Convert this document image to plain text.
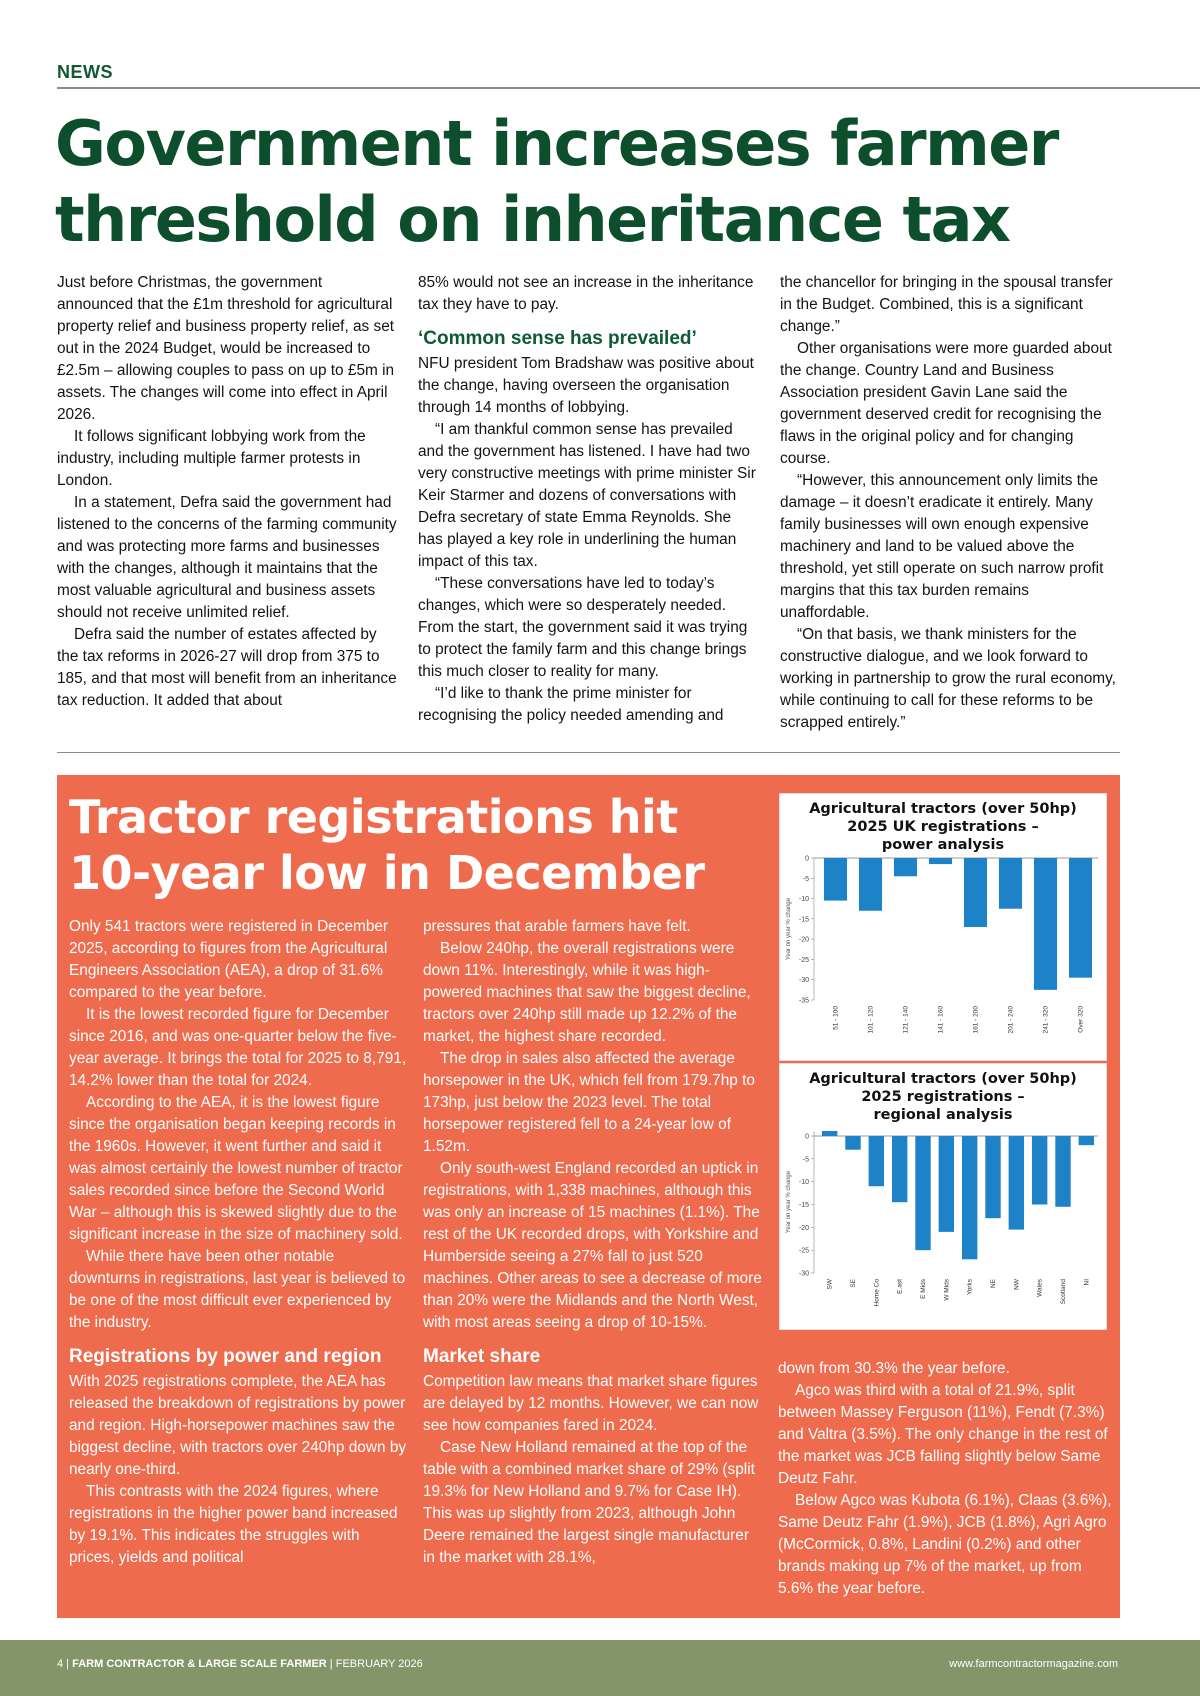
NEWS
Government increases farmer
threshold on inheritance tax

Just before Christmas, the government announced that the £1m threshold for agricultural property relief and business property relief, as set out in the 2024 Budget, would be increased to £2.5m – allowing couples to pass on up to £5m in assets. The changes will come into effect in April 2026.

It follows significant lobbying work from the industry, including multiple farmer protests in London.

In a statement, Defra said the government had listened to the concerns of the farming community and was protecting more farms and businesses with the changes, although it maintains that the most valuable agricultural and business assets should not receive unlimited relief.

Defra said the number of estates affected by the tax reforms in 2026-27 will drop from 375 to 185, and that most will benefit from an inheritance tax reduction. It added that about

85% would not see an increase in the inheritance tax they have to pay.

‘Common sense has prevailed’

NFU president Tom Bradshaw was positive about the change, having overseen the organisation through 14 months of lobbying.

“I am thankful common sense has prevailed and the government has listened. I have had two very constructive meetings with prime minister Sir Keir Starmer and dozens of conversations with Defra secretary of state Emma Reynolds. She has played a key role in underlining the human impact of this tax.

“These conversations have led to today’s changes, which were so desperately needed. From the start, the government said it was trying to protect the family farm and this change brings this much closer to reality for many.

“I’d like to thank the prime minister for recognising the policy needed amending and

the chancellor for bringing in the spousal transfer in the Budget. Combined, this is a significant change.”

Other organisations were more guarded about the change. Country Land and Business Association president Gavin Lane said the government deserved credit for recognising the flaws in the original policy and for changing course.

“However, this announcement only limits the damage – it doesn’t eradicate it entirely. Many family businesses will own enough expensive machinery and land to be valued above the threshold, yet still operate on such narrow profit margins that this tax burden remains unaffordable.

“On that basis, we thank ministers for the constructive dialogue, and we look forward to working in partnership to grow the rural economy, while continuing to call for these reforms to be scrapped entirely.”

Tractor registrations hit
10-year low in December

Only 541 tractors were registered in December 2025, according to figures from the Agricultural Engineers Association (AEA), a drop of 31.6% compared to the year before.

It is the lowest recorded figure for December since 2016, and was one-quarter below the five-year average. It brings the total for 2025 to 8,791, 14.2% lower than the total for 2024.

According to the AEA, it is the lowest figure since the organisation began keeping records in the 1960s. However, it went further and said it was almost certainly the lowest number of tractor sales recorded since before the Second World War – although this is skewed slightly due to the significant increase in the size of machinery sold.

While there have been other notable downturns in registrations, last year is believed to be one of the most difficult ever experienced by the industry.

Registrations by power and region

With 2025 registrations complete, the AEA has released the breakdown of registrations by power and region. High-horsepower machines saw the biggest decline, with tractors over 240hp down by nearly one-third.

This contrasts with the 2024 figures, where registrations in the higher power band increased by 19.1%. This indicates the struggles with prices, yields and political

pressures that arable farmers have felt.

Below 240hp, the overall registrations were down 11%. Interestingly, while it was high-powered machines that saw the biggest decline, tractors over 240hp still made up 12.2% of the market, the highest share recorded.

The drop in sales also affected the average horsepower in the UK, which fell from 179.7hp to 173hp, just below the 2023 level. The total horsepower registered fell to a 24-year low of 1.52m.

Only south-west England recorded an uptick in registrations, with 1,338 machines, although this was only an increase of 15 machines (1.1%). The rest of the UK recorded drops, with Yorkshire and Humberside seeing a 27% fall to just 520 machines. Other areas to see a decrease of more than 20% were the Midlands and the North West, with most areas seeing a drop of 10-15%.

Market share

Competition law means that market share figures are delayed by 12 months. However, we can now see how companies fared in 2024.

Case New Holland remained at the top of the table with a combined market share of 29% (split 19.3% for New Holland and 9.7% for Case IH). This was up slightly from 2023, although John Deere remained the largest single manufacturer in the market with 28.1%,

Agricultural tractors (over 50hp)
2025 UK registrations –
power analysis
Year on year % change
0
-5
-10
-15
-20
-25
-30
-35
51 - 100	101 - 120	121 - 140	141 - 160	161 - 200	201 - 240	241 - 320	Over 320
Agricultural tractors (over 50hp)
2025 registrations –
regional analysis
Year on year % change
0
-5
-10
-15
-20
-25
-30
SW	SE	Home Co	E.ast	E Mids	W Mids	Yorks	NE	NW	Wales	Scotland	NI

down from 30.3% the year before.

Agco was third with a total of 21.9%, split between Massey Ferguson (11%), Fendt (7.3%) and Valtra (3.5%). The only change in the rest of the market was JCB falling slightly below Same Deutz Fahr.

Below Agco was Kubota (6.1%), Claas (3.6%), Same Deutz Fahr (1.9%), JCB (1.8%), Agri Agro (McCormick, 0.8%, Landini (0.2%) and other brands making up 7% of the market, up from 5.6% the year before.

4 | FARM CONTRACTOR & LARGE SCALE FARMER | FEBRUARY 2026	www.farmcontractormagazine.com
